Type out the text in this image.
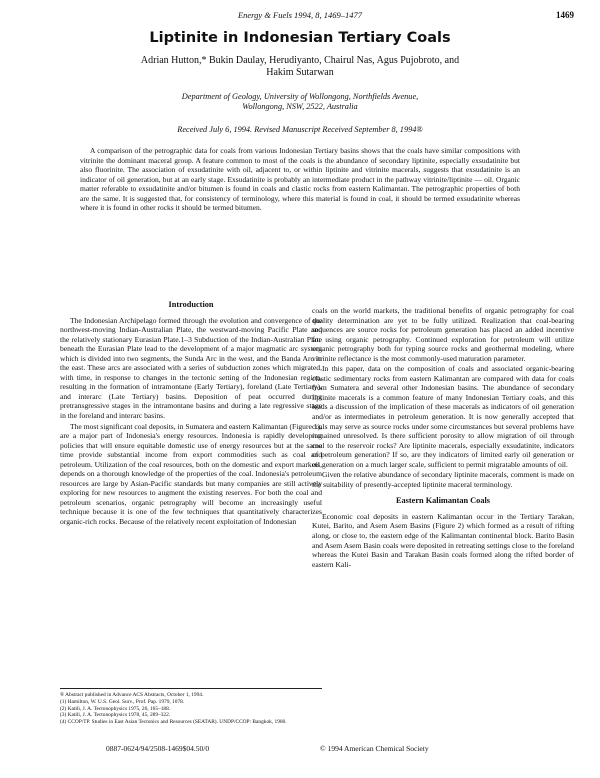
Energy & Fuels 1994, 8, 1469–1477	1469
Liptinite in Indonesian Tertiary Coals
Adrian Hutton,* Bukin Daulay, Herudiyanto, Chairul Nas, Agus Pujobroto, and
Hakim Sutarwan
Department of Geology, University of Wollongong, Northfields Avenue,
Wollongong, NSW, 2522, Australia
Received July 6, 1994. Revised Manuscript Received September 8, 1994®

A comparison of the petrographic data for coals from various Indonesian Tertiary basins shows that the coals have similar compositions with vitrinite the dominant maceral group. A feature common to most of the coals is the abundance of secondary liptinite, especially exsudatinite but also fluorinite. The association of exsudatinite with oil, adjacent to, or within liptinite and vitrinite macerals, suggests that exsudatinite is an indicator of oil generation, but at an early stage. Exsudatinite is probably an intermediate product in the pathway vitrinite/liptinite — oil. Organic matter referable to exsudatinite and/or bitumen is found in coals and clastic rocks from eastern Kalimantan. The petrographic properties of both are the same. It is suggested that, for consistency of terminology, where this material is found in coal, it should be termed exsudatinite whereas where it is found in other rocks it should be termed bitumen.

Introduction

The Indonesian Archipelago formed through the evolution and convergence of the northwest-moving Indian-Australian Plate, the westward-moving Pacific Plate and the relatively stationary Eurasian Plate.1–3 Subduction of the Indian-Australian Plate beneath the Eurasian Plate lead to the development of a major magmatic arc system which is divided into two segments, the Sunda Arc in the west, and the Banda Arc in the east. These arcs are associated with a series of subduction zones which migrated, with time, in response to changes in the tectonic setting of the Indonesian region, resulting in the formation of intramontane (Early Tertiary), foreland (Late Tertiary), and interarc (Late Tertiary) basins. Deposition of peat occurred during pretransgressive stages in the intramontane basins and during a late regressive stage in the foreland and interarc basins.

The most significant coal deposits, in Sumatera and eastern Kalimantan (Figure 1), are a major part of Indonesia's energy resources. Indonesia is rapidly developing policies that will ensure equitable domestic use of energy resources but at the same time provide substantial income from export commodities such as coal and petroleum. Utilization of the coal resources, both on the domestic and export markets, depends on a thorough knowledge of the properties of the coal. Indonesia's petroleum resources are large by Asian-Pacific standards but many companies are still actively exploring for new resources to augment the existing reserves. For both the coal and petroleum scenarios, organic petrography will become an increasingly useful technique because it is one of the few techniques that quantitatively characterizes organic-rich rocks. Because of the relatively recent exploitation of Indonesian

® Abstract published in Advance ACS Abstracts, October 1, 1994.
(1) Hamilton, W. U.S. Geol. Surv., Prof. Pap. 1979, 1078.
(2) Katili, J. A. Tectonophysics 1975, 26, 165–188.
(3) Katili, J. A. Tectonophysics 1978, 45, 289–322.
(4) CCOP/TP. Studies in East Asian Tectonics and Resources (SEATAR). UNDP/CCOP: Bangkok, 1980.

coals on the world markets, the traditional benefits of organic petrography for coal quality determination are yet to be fully utilized. Realization that coal-bearing sequences are source rocks for petroleum generation has placed an added incentive for using organic petrography. Continued exploration for petroleum will utilize organic petrography both for typing source rocks and geothermal modeling, where vitrinite reflectance is the most commonly-used maturation parameter.

In this paper, data on the composition of coals and associated organic-bearing clastic sedimentary rocks from eastern Kalimantan are compared with data for coals from Sumatera and several other Indonesian basins. The abundance of secondary liptinite macerals is a common feature of many Indonesian Tertiary coals, and this leads a discussion of the implication of these macerals as indicators of oil generation and/or as intermediates in petroleum generation. It is now generally accepted that coals may serve as source rocks under some circumstances but several problems have remained unresolved. Is there sufficient porosity to allow migration of oil through coal to the reservoir rocks? Are liptinite macerals, especially exsudatinite, indicators of petroleum generation? If so, are they indicators of limited early oil generation or oil generation on a much larger scale, sufficient to permit migratable amounts of oil.

Given the relative abundance of secondary liptinite macerals, comment is made on the suitability of presently-accepted liptinite maceral terminology.

Eastern Kalimantan Coals

Economic coal deposits in eastern Kalimantan occur in the Tertiary Tarakan, Kutei, Barito, and Asem Asem Basins (Figure 2) which formed as a result of rifting along, or close to, the eastern edge of the Kalimantan continental block. Barito Basin and Asem Asem Basin coals were deposited in retreating settings close to the foreland whereas the Kutei Basin and Tarakan Basin coals formed along the rifted border of eastern Kali-

0887-0624/94/2508-1469$04.50/0	© 1994 American Chemical Society
